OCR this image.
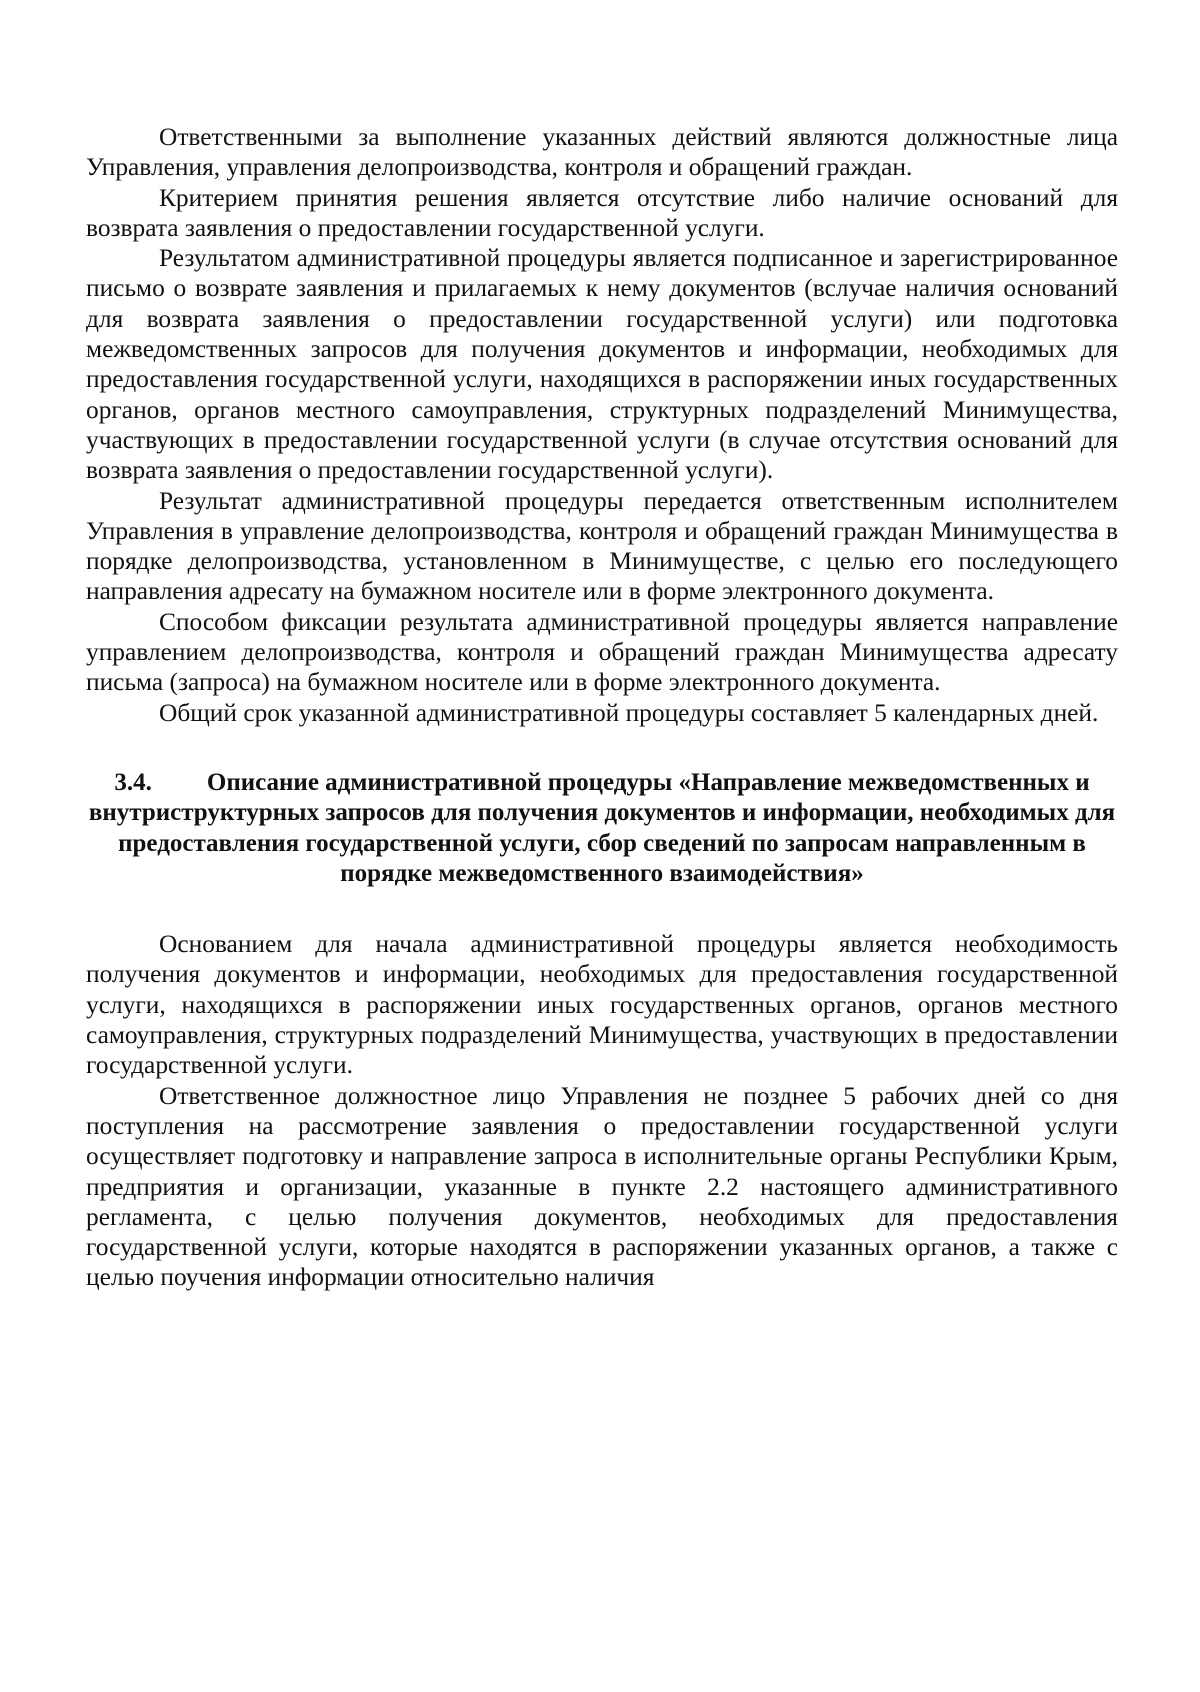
Ответственными за выполнение указанных действий являются должностные лица Управления, управления делопроизводства, контроля и обращений граждан.

Критерием принятия решения является отсутствие либо наличие оснований для возврата заявления о предоставлении государственной услуги.

Результатом административной процедуры является подписанное и зарегистрированное письмо о возврате заявления и прилагаемых к нему документов (вслучае наличия оснований для возврата заявления о предоставлении государственной услуги) или подготовка межведомственных запросов для получения документов и информации, необходимых для предоставления государственной услуги, находящихся в распоряжении иных государственных органов, органов местного самоуправления, структурных подразделений Минимущества, участвующих в предоставлении государственной услуги (в случае отсутствия оснований для возврата заявления о предоставлении государственной услуги).

Результат административной процедуры передается ответственным исполнителем Управления в управление делопроизводства, контроля и обращений граждан Минимущества в порядке делопроизводства, установленном в Минимуществе, с целью его последующего направления адресату на бумажном носителе или в форме электронного документа.

Способом фиксации результата административной процедуры является направление управлением делопроизводства, контроля и обращений граждан Минимущества адресату письма (запроса) на бумажном носителе или в форме электронного документа.

Общий срок указанной административной процедуры составляет 5 календарных дней.

3.4. Описание административной процедуры «Направление межведомственных и внутриструктурных запросов для получения документов и информации, необходимых для предоставления государственной услуги, сбор сведений по запросам направленным в порядке межведомственного взаимодействия»

Основанием для начала административной процедуры является необходимость получения документов и информации, необходимых для предоставления государственной услуги, находящихся в распоряжении иных государственных органов, органов местного самоуправления, структурных подразделений Минимущества, участвующих в предоставлении государственной услуги.

Ответственное должностное лицо Управления не позднее 5 рабочих дней со дня поступления на рассмотрение заявления о предоставлении государственной услуги осуществляет подготовку и направление запроса в исполнительные органы Республики Крым, предприятия и организации, указанные в пункте 2.2 настоящего административного регламента, с целью получения документов, необходимых для предоставления государственной услуги, которые находятся в распоряжении указанных органов, а также с целью поучения информации относительно наличия
